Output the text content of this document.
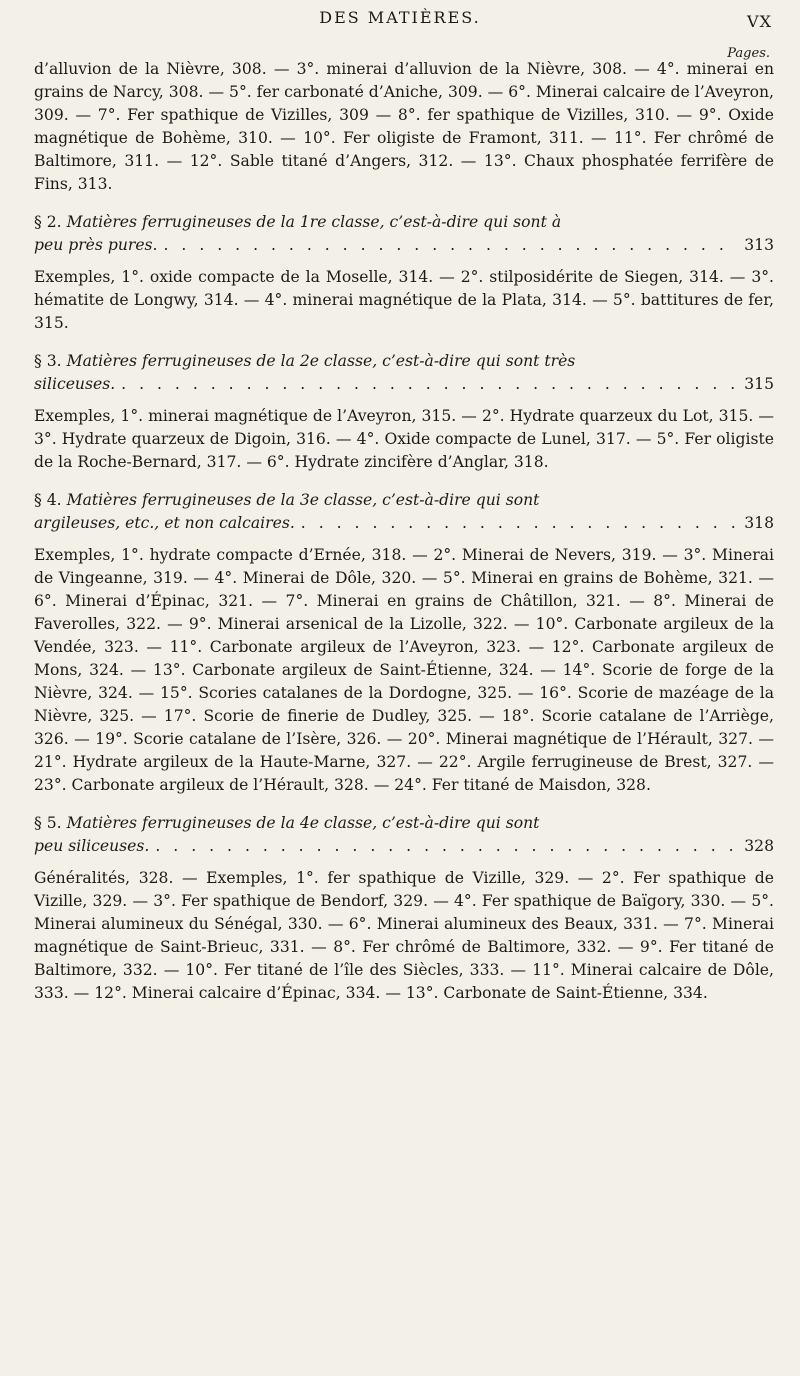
DES MATIÈRES.	VX
Pages.

d’alluvion de la Nièvre, 308. — 3°. minerai d’alluvion de la Nièvre, 308. — 4°. minerai en grains de Narcy, 308. — 5°. fer carbonaté d’Aniche, 309. — 6°. Minerai calcaire de l’Aveyron, 309. — 7°. Fer spathique de Vizilles, 309 — 8°. fer spathique de Vizilles, 310. — 9°. Oxide magnétique de Bohème, 310. — 10°. Fer oligiste de Framont, 311. — 11°. Fer chrômé de Baltimore, 311. — 12°. Sable titané d’Angers, 312. — 13°. Chaux phosphatée ferrifère de Fins, 313.

§ 2. Matières ferrugineuses de la 1re classe, c’est-à-dire qui sont à
peu près pures. . . .	313

Exemples, 1°. oxide compacte de la Moselle, 314. — 2°. stilposidérite de Siegen, 314. — 3°. hématite de Longwy, 314. — 4°. minerai magnétique de la Plata, 314. — 5°. battitures de fer, 315.

§ 3. Matières ferrugineuses de la 2e classe, c’est-à-dire qui sont très
siliceuses. . . .	315

Exemples, 1°. minerai magnétique de l’Aveyron, 315. — 2°. Hydrate quarzeux du Lot, 315. — 3°. Hydrate quarzeux de Digoin, 316. — 4°. Oxide compacte de Lunel, 317. — 5°. Fer oligiste de la Roche-Bernard, 317. — 6°. Hydrate zincifère d’Anglar, 318.

§ 4. Matières ferrugineuses de la 3e classe, c’est-à-dire qui sont
argileuses, etc., et non calcaires. . . .	318

Exemples, 1°. hydrate compacte d’Ernée, 318. — 2°. Minerai de Nevers, 319. — 3°. Minerai de Vingeanne, 319. — 4°. Minerai de Dôle, 320. — 5°. Minerai en grains de Bohème, 321. — 6°. Minerai d’Épinac, 321. — 7°. Minerai en grains de Châtillon, 321. — 8°. Minerai de Faverolles, 322. — 9°. Minerai arsenical de la Lizolle, 322. — 10°. Carbonate argileux de la Vendée, 323. — 11°. Carbonate argileux de l’Aveyron, 323. — 12°. Carbonate argileux de Mons, 324. — 13°. Carbonate argileux de Saint-Étienne, 324. — 14°. Scorie de forge de la Nièvre, 324. — 15°. Scories catalanes de la Dordogne, 325. — 16°. Scorie de mazéage de la Nièvre, 325. — 17°. Scorie de finerie de Dudley, 325. — 18°. Scorie catalane de l’Arriège, 326. — 19°. Scorie catalane de l’Isère, 326. — 20°. Minerai magnétique de l’Hérault, 327. — 21°. Hydrate argileux de la Haute-Marne, 327. — 22°. Argile ferrugineuse de Brest, 327. — 23°. Carbonate argileux de l’Hérault, 328. — 24°. Fer titané de Maisdon, 328.

§ 5. Matières ferrugineuses de la 4e classe, c’est-à-dire qui sont
peu siliceuses. . . .	328

Généralités, 328. — Exemples, 1°. fer spathique de Vizille, 329. — 2°. Fer spathique de Vizille, 329. — 3°. Fer spathique de Bendorf, 329. — 4°. Fer spathique de Baïgory, 330. — 5°. Minerai alumineux du Sénégal, 330. — 6°. Minerai alumineux des Beaux, 331. — 7°. Minerai magnétique de Saint-Brieuc, 331. — 8°. Fer chrômé de Baltimore, 332. — 9°. Fer titané de Baltimore, 332. — 10°. Fer titané de l’île des Siècles, 333. — 11°. Minerai calcaire de Dôle, 333. — 12°. Minerai calcaire d’Épinac, 334. — 13°. Carbonate de Saint-Étienne, 334.
